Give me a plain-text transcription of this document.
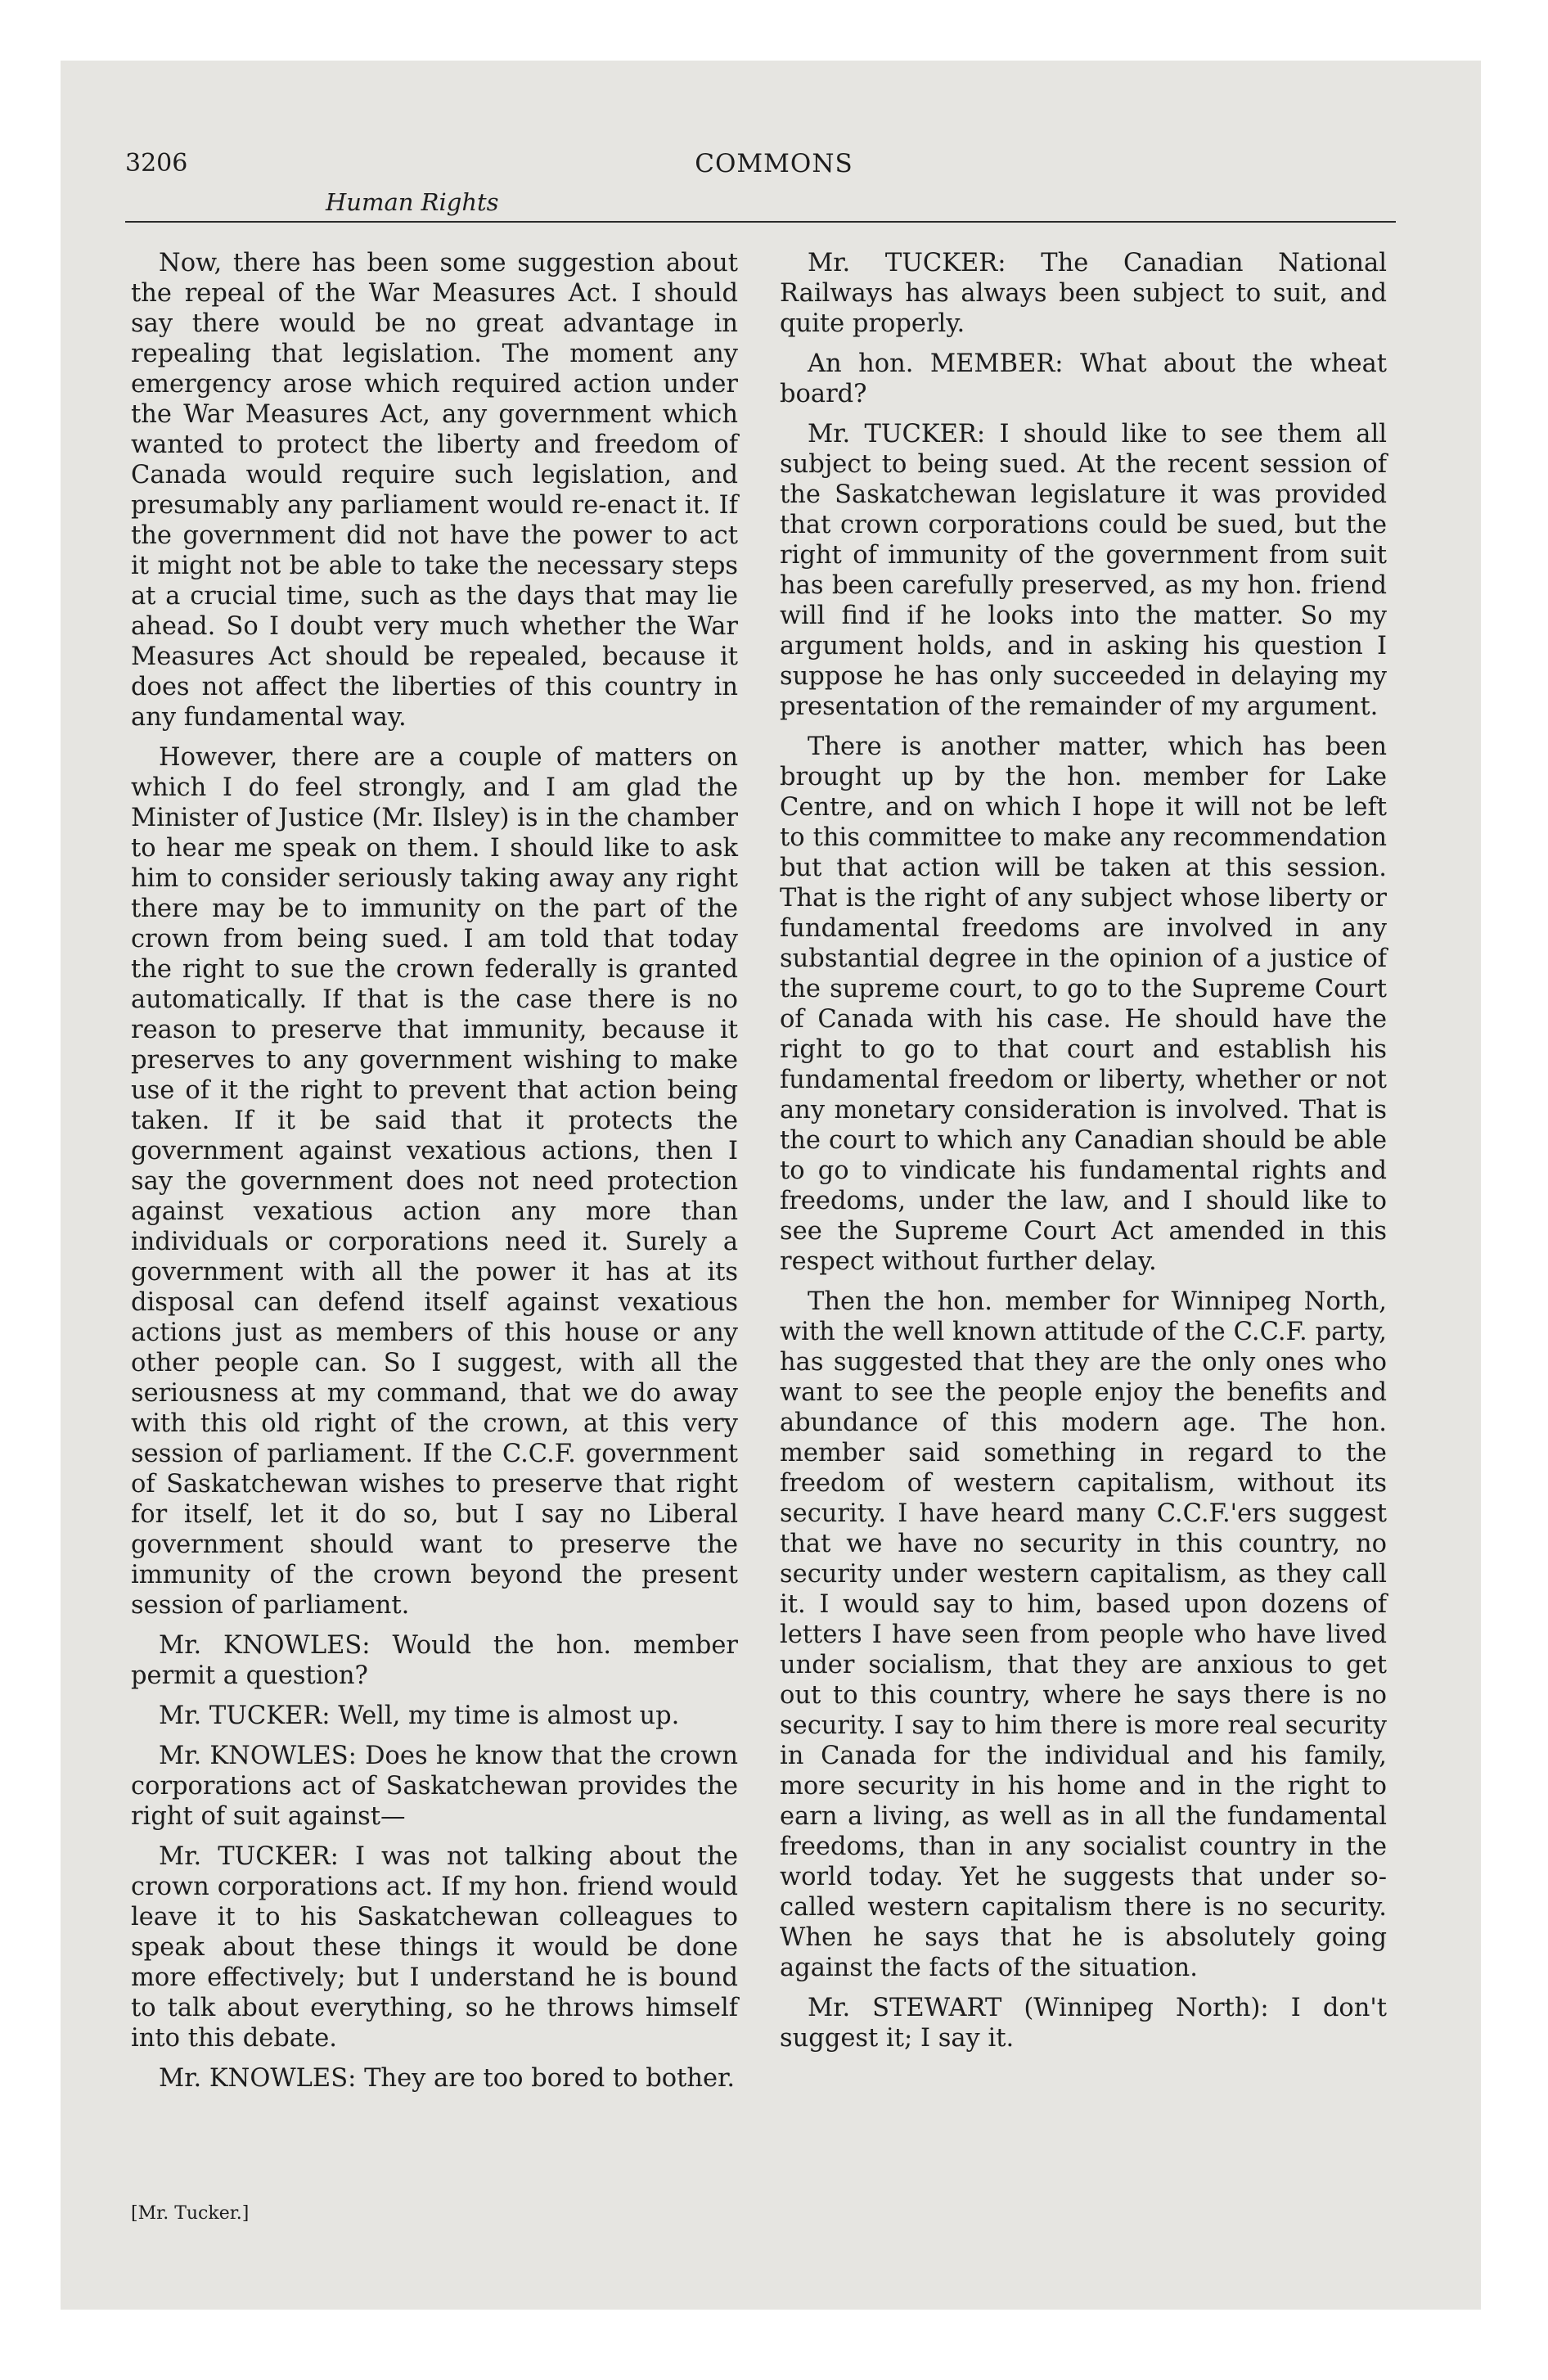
3206	COMMONS
Human Rights

Now, there has been some suggestion about the repeal of the War Measures Act. I should say there would be no great advantage in repealing that legislation. The moment any emergency arose which required action under the War Measures Act, any government which wanted to protect the liberty and freedom of Canada would require such legislation, and presumably any parliament would re-enact it. If the government did not have the power to act it might not be able to take the necessary steps at a crucial time, such as the days that may lie ahead. So I doubt very much whether the War Measures Act should be repealed, because it does not affect the liberties of this country in any fundamental way.

However, there are a couple of matters on which I do feel strongly, and I am glad the Minister of Justice (Mr. Ilsley) is in the chamber to hear me speak on them. I should like to ask him to consider seriously taking away any right there may be to immunity on the part of the crown from being sued. I am told that today the right to sue the crown federally is granted automatically. If that is the case there is no reason to preserve that immunity, because it preserves to any government wishing to make use of it the right to prevent that action being taken. If it be said that it protects the government against vexatious actions, then I say the government does not need protection against vexatious action any more than individuals or corporations need it. Surely a government with all the power it has at its disposal can defend itself against vexatious actions just as members of this house or any other people can. So I suggest, with all the seriousness at my command, that we do away with this old right of the crown, at this very session of parliament. If the C.C.F. government of Saskatchewan wishes to preserve that right for itself, let it do so, but I say no Liberal government should want to preserve the immunity of the crown beyond the present session of parliament.

Mr. KNOWLES: Would the hon. member permit a question?

Mr. TUCKER: Well, my time is almost up.

Mr. KNOWLES: Does he know that the crown corporations act of Saskatchewan provides the right of suit against—

Mr. TUCKER: I was not talking about the crown corporations act. If my hon. friend would leave it to his Saskatchewan colleagues to speak about these things it would be done more effectively; but I understand he is bound to talk about everything, so he throws himself into this debate.

Mr. KNOWLES: They are too bored to bother.

Mr. TUCKER: The Canadian National Railways has always been subject to suit, and quite properly.

An hon. MEMBER: What about the wheat board?

Mr. TUCKER: I should like to see them all subject to being sued. At the recent session of the Saskatchewan legislature it was provided that crown corporations could be sued, but the right of immunity of the government from suit has been carefully preserved, as my hon. friend will find if he looks into the matter. So my argument holds, and in asking his question I suppose he has only succeeded in delaying my presentation of the remainder of my argument.

There is another matter, which has been brought up by the hon. member for Lake Centre, and on which I hope it will not be left to this committee to make any recommendation but that action will be taken at this session. That is the right of any subject whose liberty or fundamental freedoms are involved in any substantial degree in the opinion of a justice of the supreme court, to go to the Supreme Court of Canada with his case. He should have the right to go to that court and establish his fundamental freedom or liberty, whether or not any monetary consideration is involved. That is the court to which any Canadian should be able to go to vindicate his fundamental rights and freedoms, under the law, and I should like to see the Supreme Court Act amended in this respect without further delay.

Then the hon. member for Winnipeg North, with the well known attitude of the C.C.F. party, has suggested that they are the only ones who want to see the people enjoy the benefits and abundance of this modern age. The hon. member said something in regard to the freedom of western capitalism, without its security. I have heard many C.C.F.'ers suggest that we have no security in this country, no security under western capitalism, as they call it. I would say to him, based upon dozens of letters I have seen from people who have lived under socialism, that they are anxious to get out to this country, where he says there is no security. I say to him there is more real security in Canada for the individual and his family, more security in his home and in the right to earn a living, as well as in all the fundamental freedoms, than in any socialist country in the world today. Yet he suggests that under so-called western capitalism there is no security. When he says that he is absolutely going against the facts of the situation.

Mr. STEWART (Winnipeg North): I don't suggest it; I say it.

[Mr. Tucker.]
